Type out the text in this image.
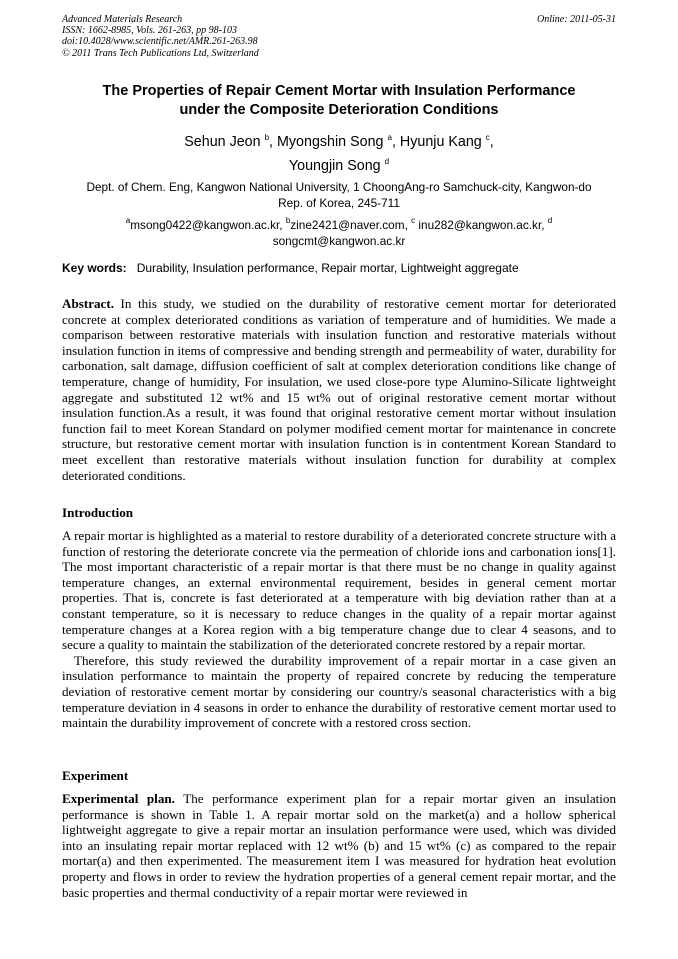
Advanced Materials Research
ISSN: 1662-8985, Vols. 261-263, pp 98-103
doi:10.4028/www.scientific.net/AMR.261-263.98
© 2011 Trans Tech Publications Ltd, Switzerland
Online: 2011-05-31
The Properties of Repair Cement Mortar with Insulation Performance
under the Composite Deterioration Conditions
Sehun Jeon $^b$, Myongshin Song $^a$, Hyunju Kang $^c$,
Youngjin Song $^d$
Dept. of Chem. Eng, Kangwon National University, 1 ChoongAng-ro Samchuck-city, Kangwon-do
Rep. of Korea, 245-711
$^a$msong0422@kangwon.ac.kr, $^b$zine2421@naver.com, $^c$ inu282@kangwon.ac.kr, $^d$
songcmt@kangwon.ac.kr
Key words: Durability, Insulation performance, Repair mortar, Lightweight aggregate

Abstract. In this study, we studied on the durability of restorative cement mortar for deteriorated concrete at complex deteriorated conditions as variation of temperature and of humidities. We made a comparison between restorative materials with insulation function and restorative materials without insulation function in items of compressive and bending strength and permeability of water, durability for carbonation, salt damage, diffusion coefficient of salt at complex deterioration conditions like change of temperature, change of humidity, For insulation, we used close-pore type Alumino-Silicate lightweight aggregate and substituted 12 wt% and 15 wt% out of original restorative cement mortar without insulation function.As a result, it was found that original restorative cement mortar without insulation function fail to meet Korean Standard on polymer modified cement mortar for maintenance in concrete structure, but restorative cement mortar with insulation function is in contentment Korean Standard to meet excellent than restorative materials without insulation function for durability at complex deteriorated conditions.

Introduction

A repair mortar is highlighted as a material to restore durability of a deteriorated concrete structure with a function of restoring the deteriorate concrete via the permeation of chloride ions and carbonation ions[1]. The most important characteristic of a repair mortar is that there must be no change in quality against temperature changes, an external environmental requirement, besides in general cement mortar properties. That is, concrete is fast deteriorated at a temperature with big deviation rather than at a constant temperature, so it is necessary to reduce changes in the quality of a repair mortar against temperature changes at a Korea region with a big temperature change due to clear 4 seasons, and to secure a quality to maintain the stabilization of the deteriorated concrete restored by a repair mortar.

Therefore, this study reviewed the durability improvement of a repair mortar in a case given an insulation performance to maintain the property of repaired concrete by reducing the temperature deviation of restorative cement mortar by considering our country/s seasonal characteristics with a big temperature deviation in 4 seasons in order to enhance the durability of restorative cement mortar used to maintain the durability improvement of concrete with a restored cross section.

Experiment

Experimental plan. The performance experiment plan for a repair mortar given an insulation performance is shown in Table 1. A repair mortar sold on the market(a) and a hollow spherical lightweight aggregate to give a repair mortar an insulation performance were used, which was divided into an insulating repair mortar replaced with 12 wt% (b) and 15 wt% (c) as compared to the repair mortar(a) and then experimented. The measurement item I was measured for hydration heat evolution property and flows in order to review the hydration properties of a general cement repair mortar, and the basic properties and thermal conductivity of a repair mortar were reviewed in
